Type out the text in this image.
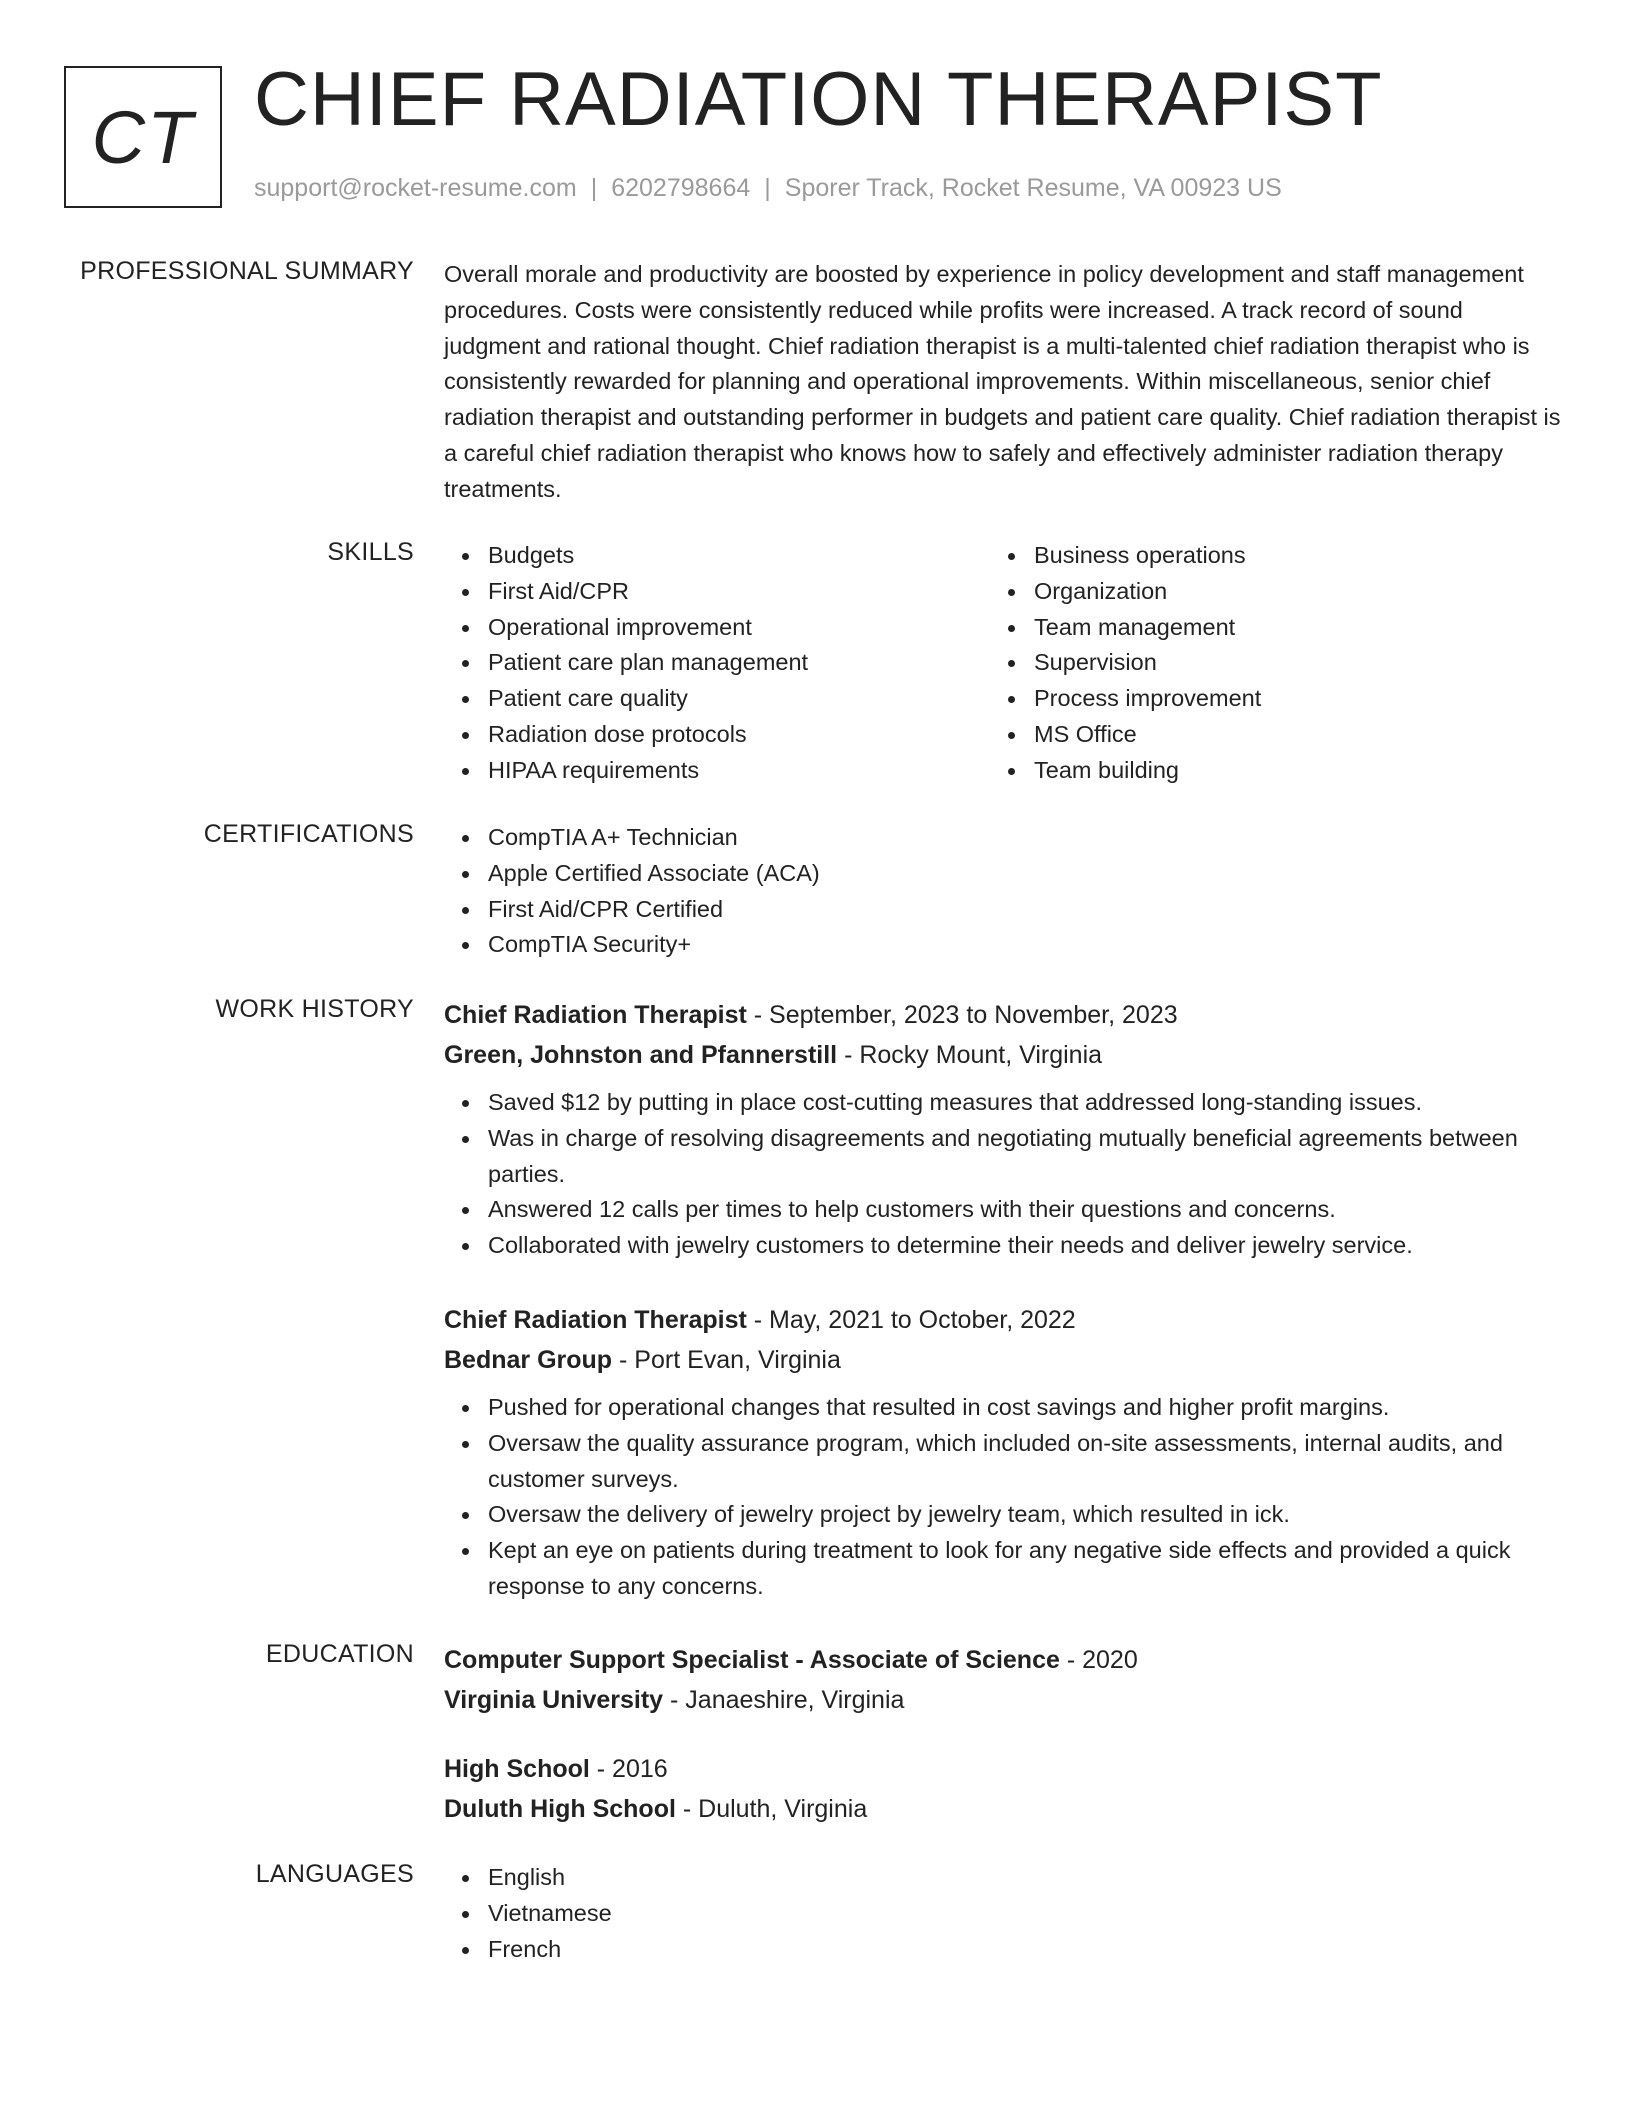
CT CHIEF RADIATION THERAPIST
support@rocket-resume.com | 6202798664 | Sporer Track, Rocket Resume, VA 00923 US
PROFESSIONAL SUMMARY Overall morale and productivity are boosted by experience in policy development and staff management procedures. Costs were consistently reduced while profits were increased. A track record of sound judgment and rational thought. Chief radiation therapist is a multi-talented chief radiation therapist who is consistently rewarded for planning and operational improvements. Within miscellaneous, senior chief radiation therapist and outstanding performer in budgets and patient care quality. Chief radiation therapist is a careful chief radiation therapist who knows how to safely and effectively administer radiation therapy treatments.
SKILLS	Budgets
First Aid/CPR
Operational improvement
Patient care plan management
Patient care quality
Radiation dose protocols
HIPAA requirements
Business operations
Organization
Team management
Supervision
Process improvement
MS Office
Team building
CERTIFICATIONS	CompTIA A+ Technician
Apple Certified Associate (ACA)
First Aid/CPR Certified
CompTIA Security+
WORK HISTORY Chief Radiation Therapist - September, 2023 to November, 2023
Green, Johnston and Pfannerstill - Rocky Mount, Virginia
Saved $12 by putting in place cost-cutting measures that addressed long-standing issues.
Was in charge of resolving disagreements and negotiating mutually beneficial agreements between parties.
Answered 12 calls per times to help customers with their questions and concerns.
Collaborated with jewelry customers to determine their needs and deliver jewelry service.
Chief Radiation Therapist - May, 2021 to October, 2022
Bednar Group - Port Evan, Virginia
Pushed for operational changes that resulted in cost savings and higher profit margins.
Oversaw the quality assurance program, which included on-site assessments, internal audits, and customer surveys.
Oversaw the delivery of jewelry project by jewelry team, which resulted in ick.
Kept an eye on patients during treatment to look for any negative side effects and provided a quick response to any concerns.
EDUCATION Computer Support Specialist - Associate of Science - 2020
Virginia University - Janaeshire, Virginia
High School - 2016
Duluth High School - Duluth, Virginia
LANGUAGES	English
Vietnamese
French
